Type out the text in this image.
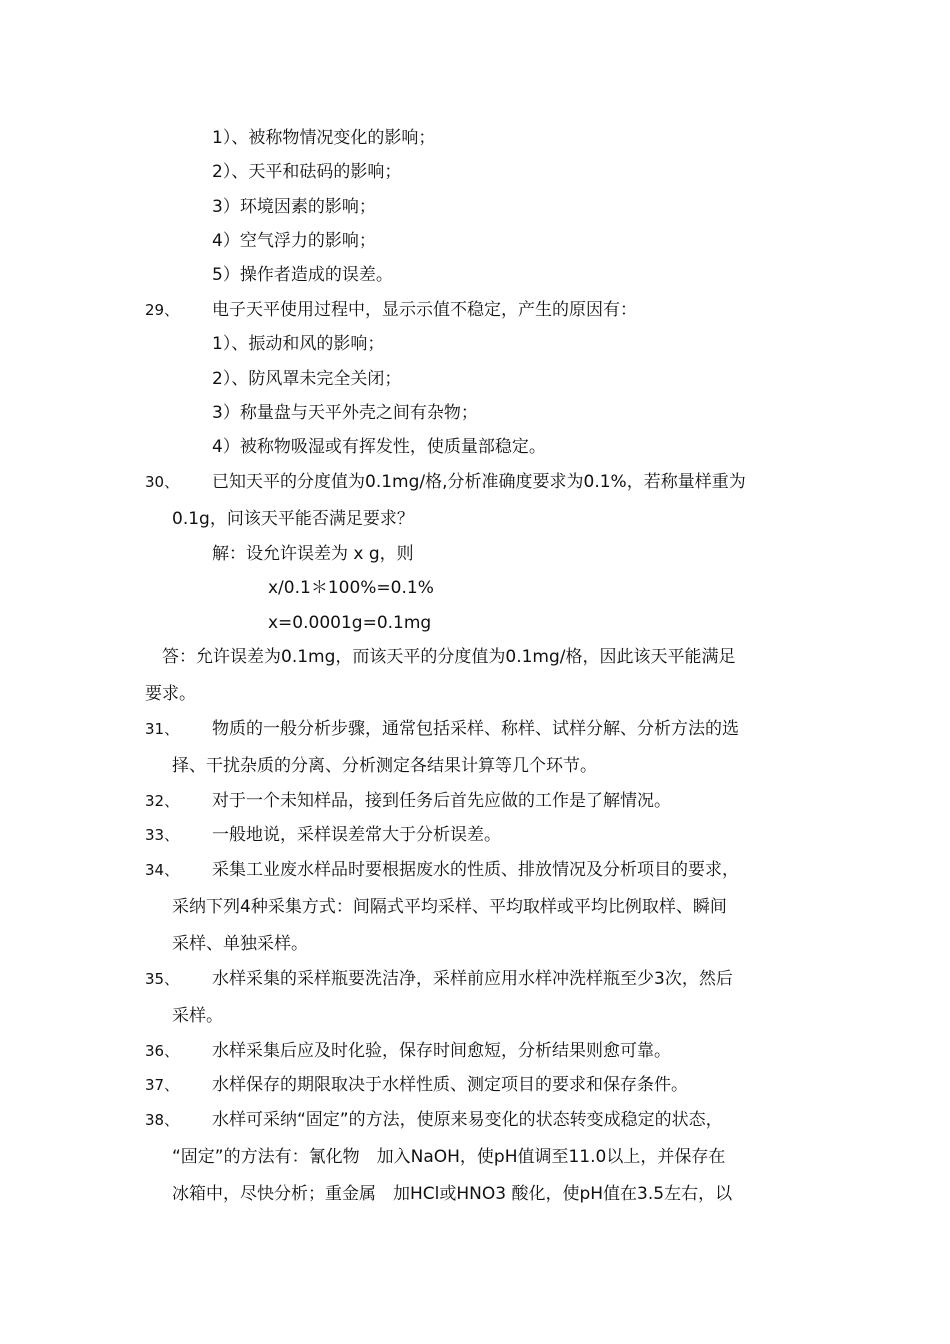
1）、被称物情况变化的影响；
2）、天平和砝码的影响；
3）环境因素的影响；
4）空气浮力的影响；
5）操作者造成的误差。
29、 电子天平使用过程中，显示示值不稳定，产生的原因有：
1）、振动和风的影响；
2）、防风罩未完全关闭；
3）称量盘与天平外壳之间有杂物；
4）被称物吸湿或有挥发性，使质量部稳定。
30、 已知天平的分度值为0.1mg/格,分析准确度要求为0.1%，若称量样重为
0.1g，问该天平能否满足要求？
解：设允许误差为 x g，则
x/0.1＊100%=0.1%
x=0.0001g=0.1mg
答：允许误差为0.1mg，而该天平的分度值为0.1mg/格，因此该天平能满足
要求。
31、 物质的一般分析步骤，通常包括采样、称样、试样分解、分析方法的选
择、干扰杂质的分离、分析测定各结果计算等几个环节。
32、 对于一个未知样品，接到任务后首先应做的工作是了解情况。
33、 一般地说，采样误差常大于分析误差。
34、 采集工业废水样品时要根据废水的性质、排放情况及分析项目的要求，
采纳下列4种采集方式：间隔式平均采样、平均取样或平均比例取样、瞬间
采样、单独采样。
35、 水样采集的采样瓶要洗洁净，采样前应用水样冲洗样瓶至少3次，然后
采样。
36、 水样采集后应及时化验，保存时间愈短，分析结果则愈可靠。
37、 水样保存的期限取决于水样性质、测定项目的要求和保存条件。
38、 水样可采纳“固定”的方法，使原来易变化的状态转变成稳定的状态，
“固定”的方法有：氰化物　加入NaOH，使pH值调至11.0以上，并保存在
冰箱中，尽快分析；重金属　加HCl或HNO3 酸化，使pH值在3.5左右，以
